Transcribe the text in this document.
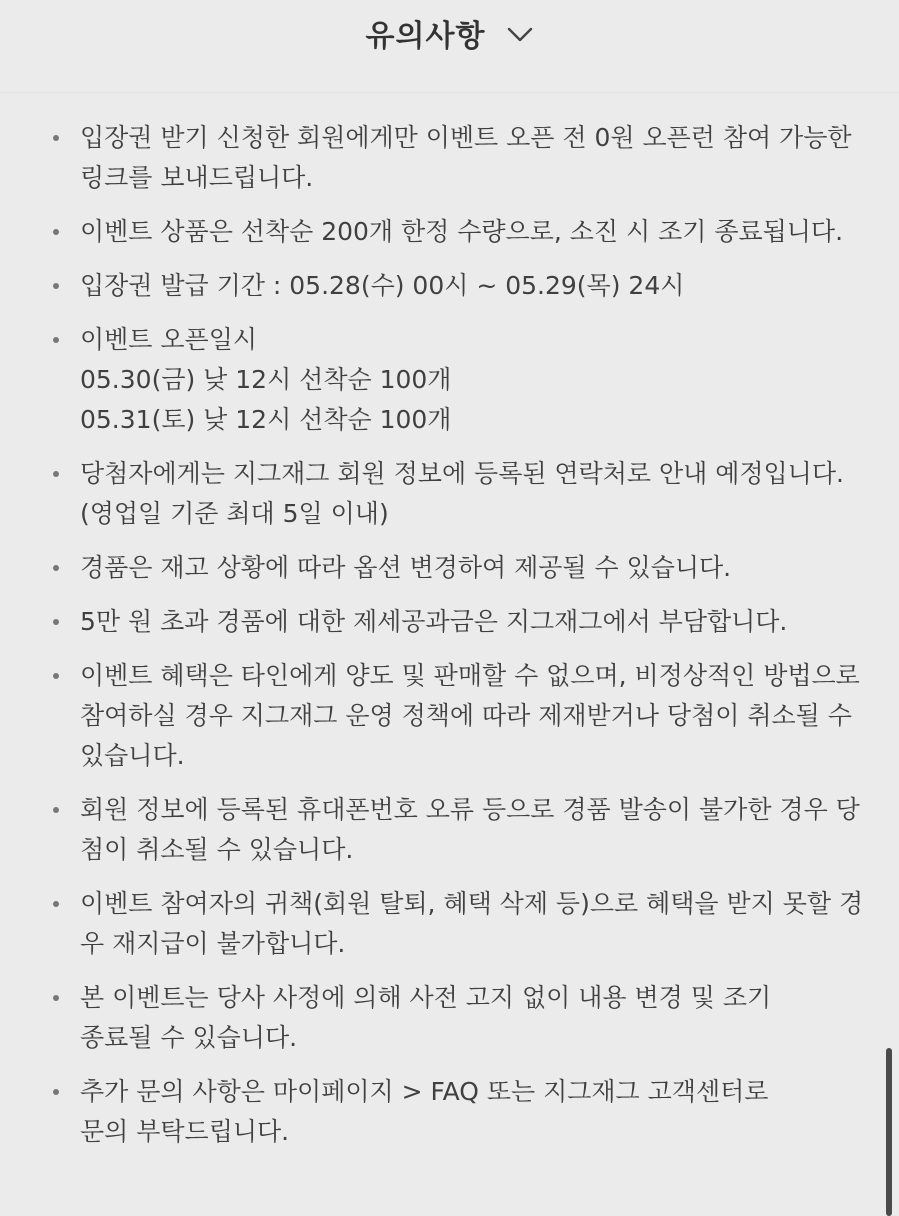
유의사항
입장권 받기 신청한 회원에게만 이벤트 오픈 전 0원 오픈런 참여 가능한
링크를 보내드립니다.
이벤트 상품은 선착순 200개 한정 수량으로, 소진 시 조기 종료됩니다.
입장권 발급 기간 : 05.28(수) 00시 ~ 05.29(목) 24시
이벤트 오픈일시
05.30(금) 낮 12시 선착순 100개
05.31(토) 낮 12시 선착순 100개
당첨자에게는 지그재그 회원 정보에 등록된 연락처로 안내 예정입니다.
(영업일 기준 최대 5일 이내)
경품은 재고 상황에 따라 옵션 변경하여 제공될 수 있습니다.
5만 원 초과 경품에 대한 제세공과금은 지그재그에서 부담합니다.
이벤트 혜택은 타인에게 양도 및 판매할 수 없으며, 비정상적인 방법으로
참여하실 경우 지그재그 운영 정책에 따라 제재받거나 당첨이 취소될 수
있습니다.
회원 정보에 등록된 휴대폰번호 오류 등으로 경품 발송이 불가한 경우 당
첨이 취소될 수 있습니다.
이벤트 참여자의 귀책(회원 탈퇴, 혜택 삭제 등)으로 혜택을 받지 못할 경
우 재지급이 불가합니다.
본 이벤트는 당사 사정에 의해 사전 고지 없이 내용 변경 및 조기
종료될 수 있습니다.
추가 문의 사항은 마이페이지 > FAQ 또는 지그재그 고객센터로
문의 부탁드립니다.
